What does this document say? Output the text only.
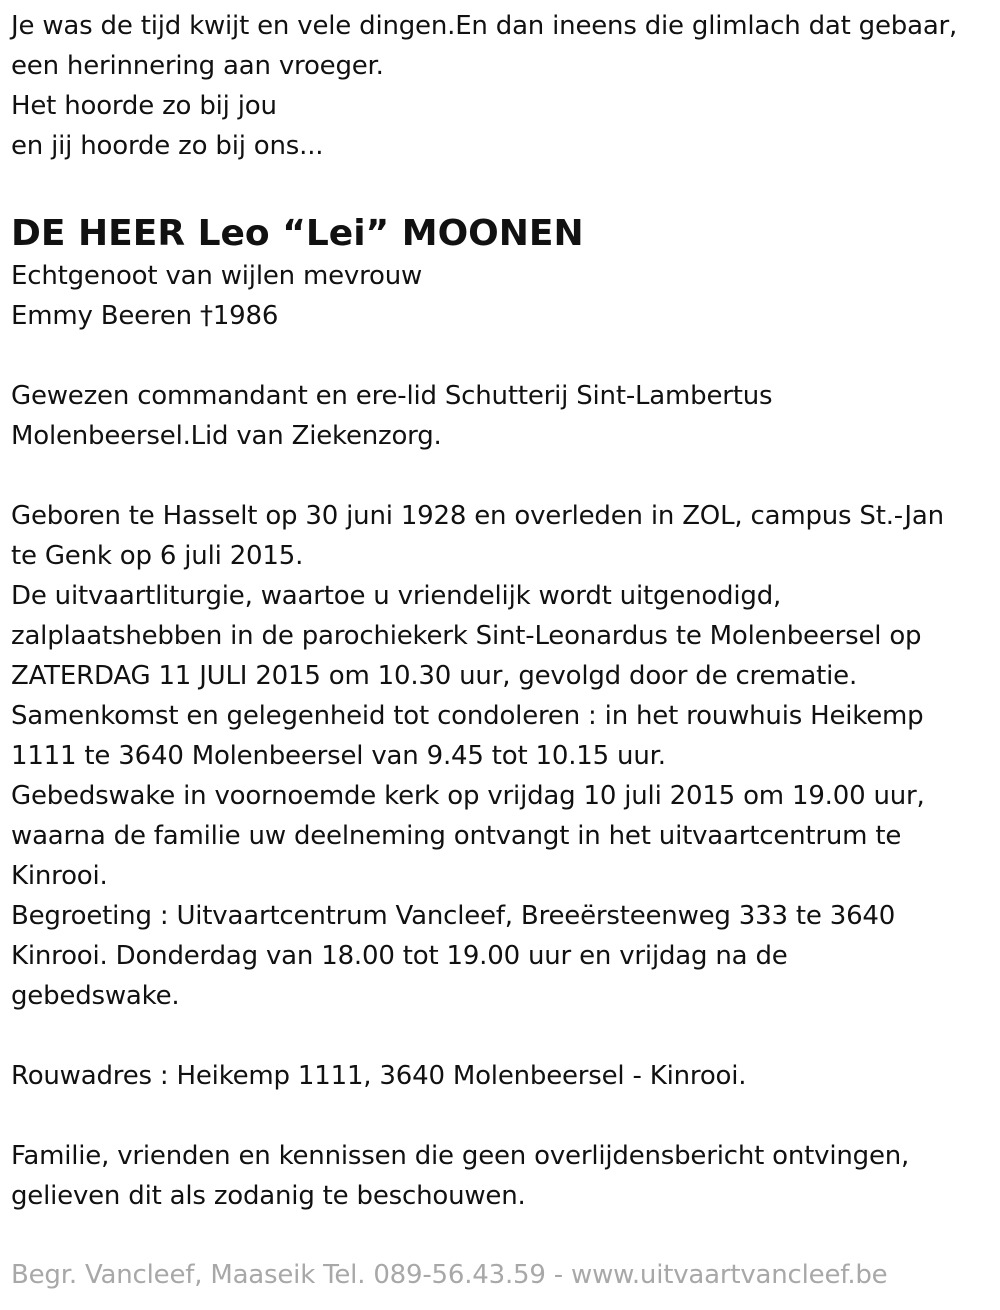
Je was de tijd kwijt en vele dingen.En dan ineens die glimlach dat gebaar,
een herinnering aan vroeger.
Het hoorde zo bij jou
en jij hoorde zo bij ons...
DE HEER Leo “Lei” MOONEN
Echtgenoot van wijlen mevrouw
Emmy Beeren †1986
Gewezen commandant en ere-lid Schutterij Sint-Lambertus
Molenbeersel.Lid van Ziekenzorg.
Geboren te Hasselt op 30 juni 1928 en overleden in ZOL, campus St.-Jan
te Genk op 6 juli 2015.
De uitvaartliturgie, waartoe u vriendelijk wordt uitgenodigd,
zalplaatshebben in de parochiekerk Sint-Leonardus te Molenbeersel op
ZATERDAG 11 JULI 2015 om 10.30 uur, gevolgd door de crematie.
Samenkomst en gelegenheid tot condoleren : in het rouwhuis Heikemp
1111 te 3640 Molenbeersel van 9.45 tot 10.15 uur.
Gebedswake in voornoemde kerk op vrijdag 10 juli 2015 om 19.00 uur,
waarna de familie uw deelneming ontvangt in het uitvaartcentrum te
Kinrooi.
Begroeting : Uitvaartcentrum Vancleef, Breeërsteenweg 333 te 3640
Kinrooi. Donderdag van 18.00 tot 19.00 uur en vrijdag na de
gebedswake.
Rouwadres : Heikemp 1111, 3640 Molenbeersel - Kinrooi.
Familie, vrienden en kennissen die geen overlijdensbericht ontvingen,
gelieven dit als zodanig te beschouwen.
Begr. Vancleef, Maaseik Tel. 089-56.43.59 - www.uitvaartvancleef.be
